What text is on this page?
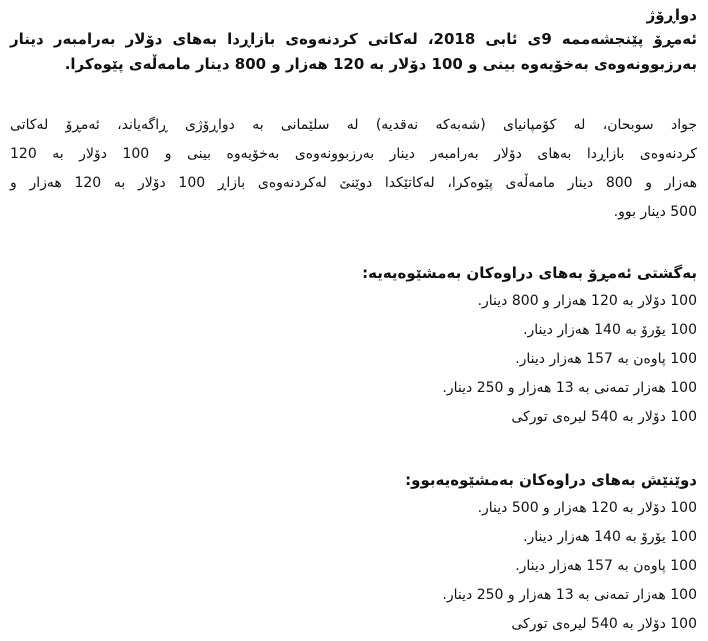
دواڕۆژ
ئەمڕۆ پێنجشەممە 9ی ئابی 2018، لەکاتی کردنەوەی بازاڕدا بەهای دۆلار بەرامبەر دینار
بەرزبوونەوەی بەخۆیەوە بینی و 100 دۆلار بە 120 هەزار و 800 دینار مامەڵەی پێوەکرا.
جواد سوبحان، لە کۆمپانیای (شەبەکە نەقدیە) لە سلێمانی بە دواڕۆژی ڕاگەیاند، ئەمڕۆ لەکاتی
کردنەوەی بازاڕدا بەهای دۆلار بەرامبەر دینار بەرزبوونەوەی بەخۆیەوە بینی و 100 دۆلار بە 120
هەزار و 800 دینار مامەڵەی پێوەکرا، لەکاتێکدا دوێنێ لەکردنەوەی بازاڕ 100 دۆلار بە 120 هەزار و
500 دینار بوو.
بەگشتی ئەمڕۆ بەهای دراوەکان بەمشێوەیەیە:
100 دۆلار بە 120 هەزار و 800 دینار.
100 یۆرۆ بە 140 هەزار دینار.
100 پاوەن بە 157 هەزار دینار.
100 هەزار تمەنی بە 13 هەزار و 250 دینار.
100 دۆلار بە 540 لیرەی تورکی
دوێنێش بەهای دراوەکان بەمشێوەیەبوو:
100 دۆلار بە 120 هەزار و 500 دینار.
100 یۆرۆ بە 140 هەزار دینار.
100 پاوەن بە 157 هەزار دینار.
100 هەزار تمەنی بە 13 هەزار و 250 دینار.
100 دۆلار بە 540 لیرەی تورکی
